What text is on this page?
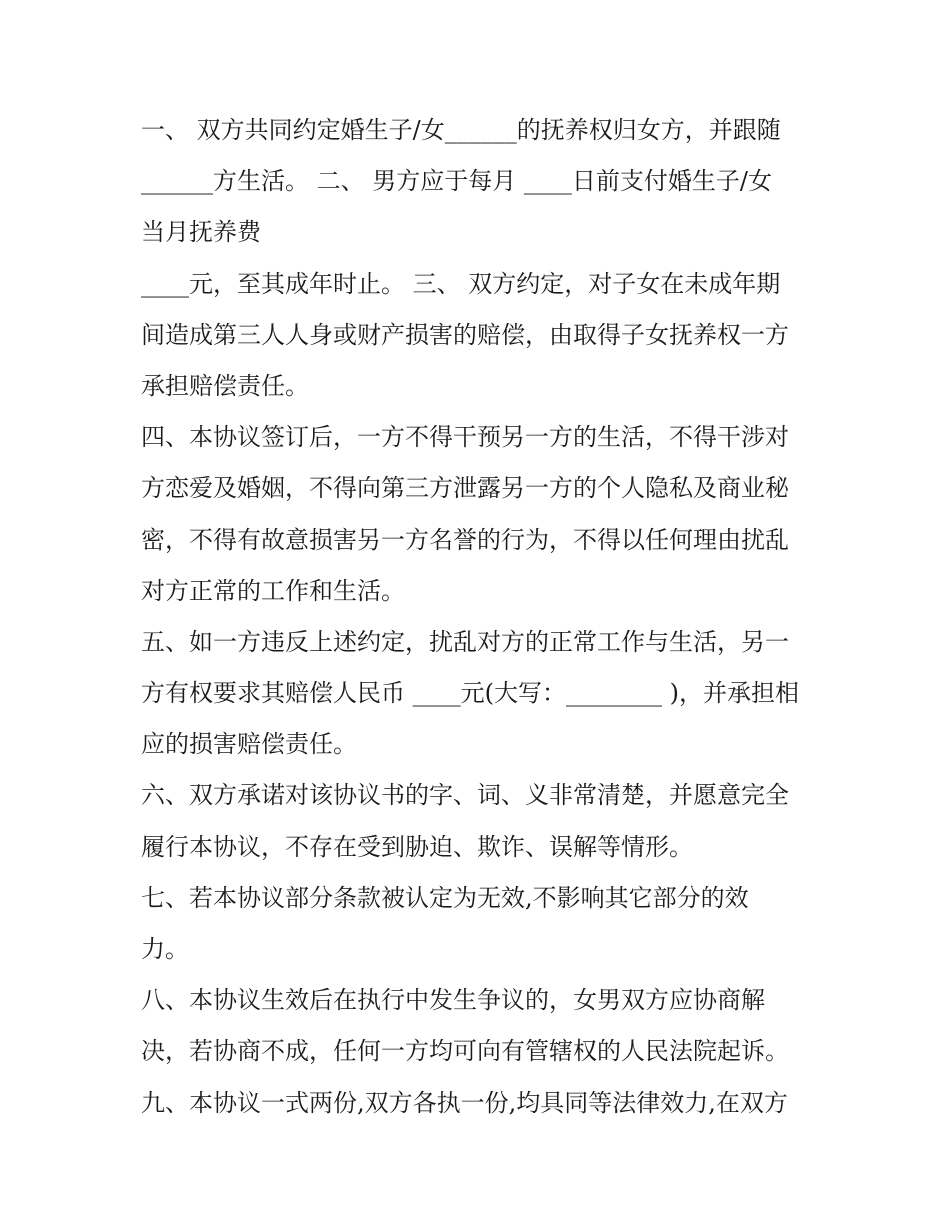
一、 双方共同约定婚生子/女______的抚养权归女方，并跟随
______方生活。 二、 男方应于每月 ____日前支付婚生子/女
当月抚养费
____元，至其成年时止。 三、 双方约定，对子女在未成年期
间造成第三人人身或财产损害的赔偿，由取得子女抚养权一方
承担赔偿责任。
四、本协议签订后，一方不得干预另一方的生活，不得干涉对
方恋爱及婚姻，不得向第三方泄露另一方的个人隐私及商业秘
密，不得有故意损害另一方名誉的行为，不得以任何理由扰乱
对方正常的工作和生活。
五、如一方违反上述约定，扰乱对方的正常工作与生活，另一
方有权要求其赔偿人民币 ____元(大写：________ )，并承担相
应的损害赔偿责任。
六、双方承诺对该协议书的字、词、义非常清楚，并愿意完全
履行本协议，不存在受到胁迫、欺诈、误解等情形。
七、若本协议部分条款被认定为无效,不影响其它部分的效
力。
八、本协议生效后在执行中发生争议的，女男双方应协商解
决，若协商不成，任何一方均可向有管辖权的人民法院起诉。
九、本协议一式两份,双方各执一份,均具同等法律效力,在双方
